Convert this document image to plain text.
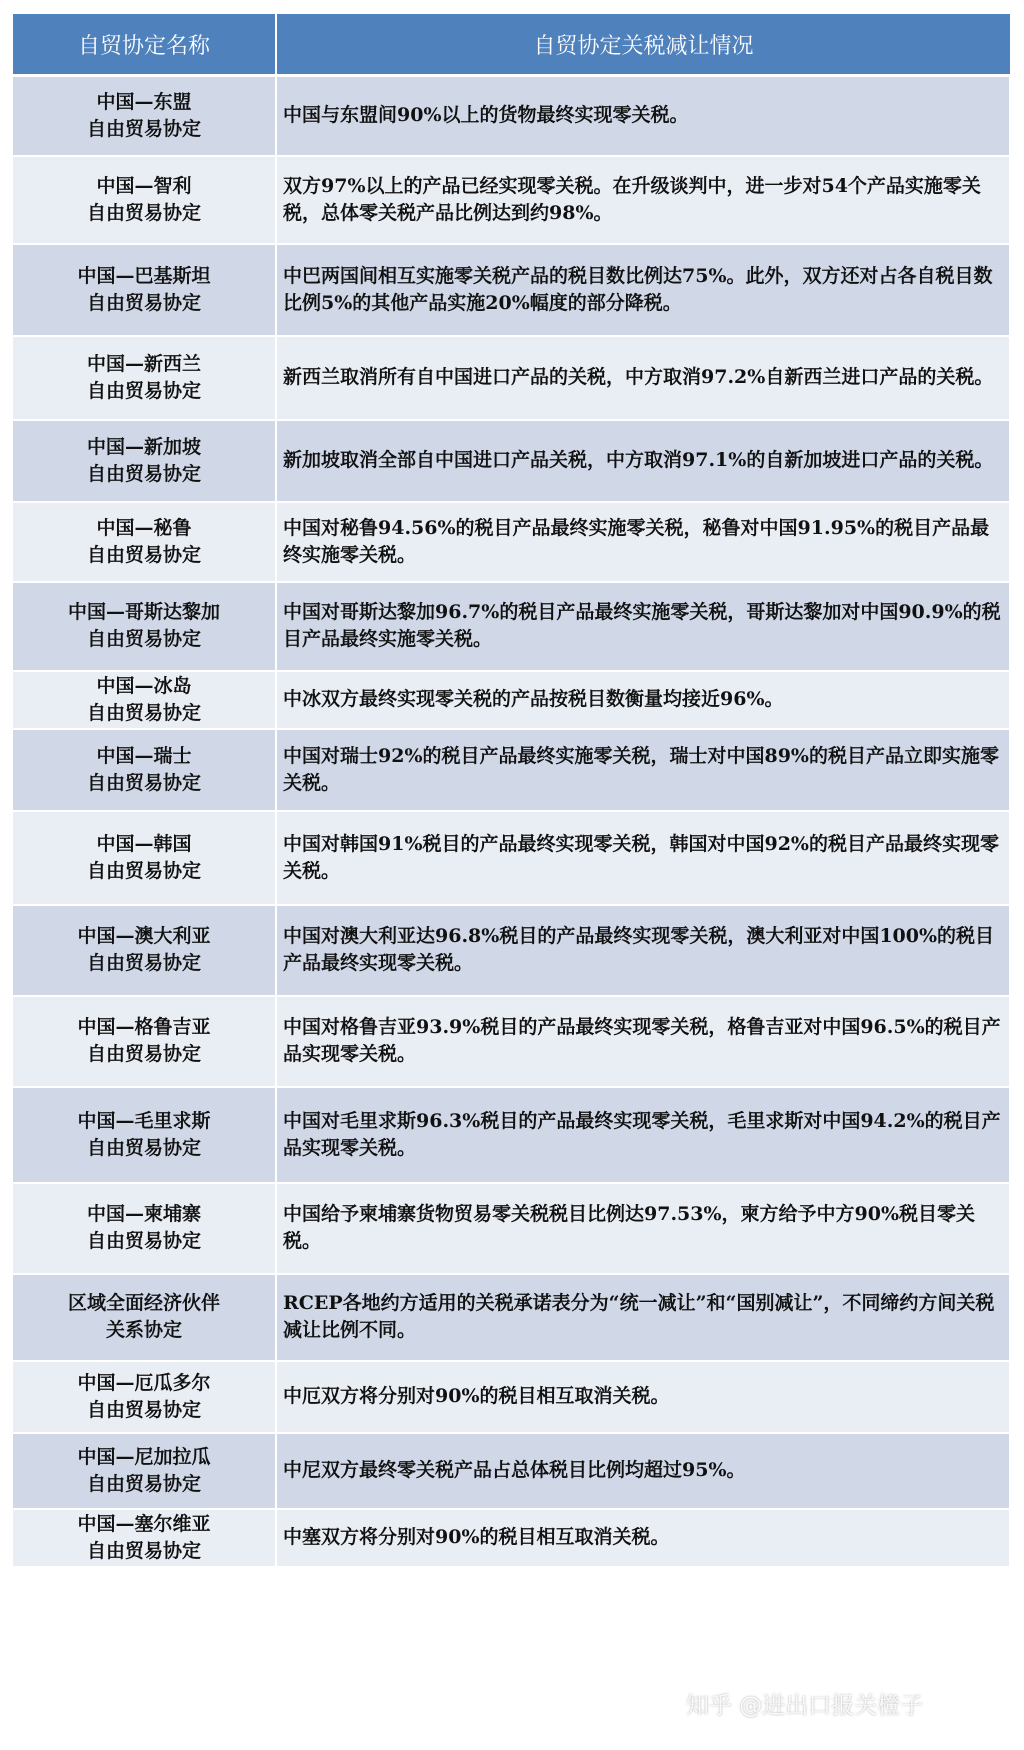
自贸协定名称	自贸协定关税减让情况

中国—东盟
自由贸易协定	中国与东盟间90%以上的货物最终实现零关税。

中国—智利
自由贸易协定	双方97%以上的产品已经实现零关税。在升级谈判中，进一步对54个产品实施零关税，总体零关税产品比例达到约98%。

中国—巴基斯坦
自由贸易协定	中巴两国间相互实施零关税产品的税目数比例达75%。此外，双方还对占各自税目数比例5%的其他产品实施20%幅度的部分降税。

中国—新西兰
自由贸易协定	新西兰取消所有自中国进口产品的关税，中方取消97.2%自新西兰进口产品的关税。

中国—新加坡
自由贸易协定	新加坡取消全部自中国进口产品关税，中方取消97.1%的自新加坡进口产品的关税。

中国—秘鲁
自由贸易协定	中国对秘鲁94.56%的税目产品最终实施零关税，秘鲁对中国91.95%的税目产品最终实施零关税。

中国—哥斯达黎加
自由贸易协定	中国对哥斯达黎加96.7%的税目产品最终实施零关税，哥斯达黎加对中国90.9%的税目产品最终实施零关税。

中国—冰岛
自由贸易协定	中冰双方最终实现零关税的产品按税目数衡量均接近96%。

中国—瑞士
自由贸易协定	中国对瑞士92%的税目产品最终实施零关税，瑞士对中国89%的税目产品立即实施零关税。

中国—韩国
自由贸易协定	中国对韩国91%税目的产品最终实现零关税，韩国对中国92%的税目产品最终实现零关税。

中国—澳大利亚
自由贸易协定	中国对澳大利亚达96.8%税目的产品最终实现零关税，澳大利亚对中国100%的税目产品最终实现零关税。

中国—格鲁吉亚
自由贸易协定	中国对格鲁吉亚93.9%税目的产品最终实现零关税，格鲁吉亚对中国96.5%的税目产品实现零关税。

中国—毛里求斯
自由贸易协定	中国对毛里求斯96.3%税目的产品最终实现零关税，毛里求斯对中国94.2%的税目产品实现零关税。

中国—柬埔寨
自由贸易协定	中国给予柬埔寨货物贸易零关税税目比例达97.53%，柬方给予中方90%税目零关税。

区域全面经济伙伴
关系协定	RCEP各地约方适用的关税承诺表分为“统一减让”和“国别减让”，不同缔约方间关税减让比例不同。

中国—厄瓜多尔
自由贸易协定	中厄双方将分别对90%的税目相互取消关税。

中国—尼加拉瓜
自由贸易协定	中尼双方最终零关税产品占总体税目比例均超过95%。

中国—塞尔维亚
自由贸易协定	中塞双方将分别对90%的税目相互取消关税。
知乎 @进出口报关橙子
